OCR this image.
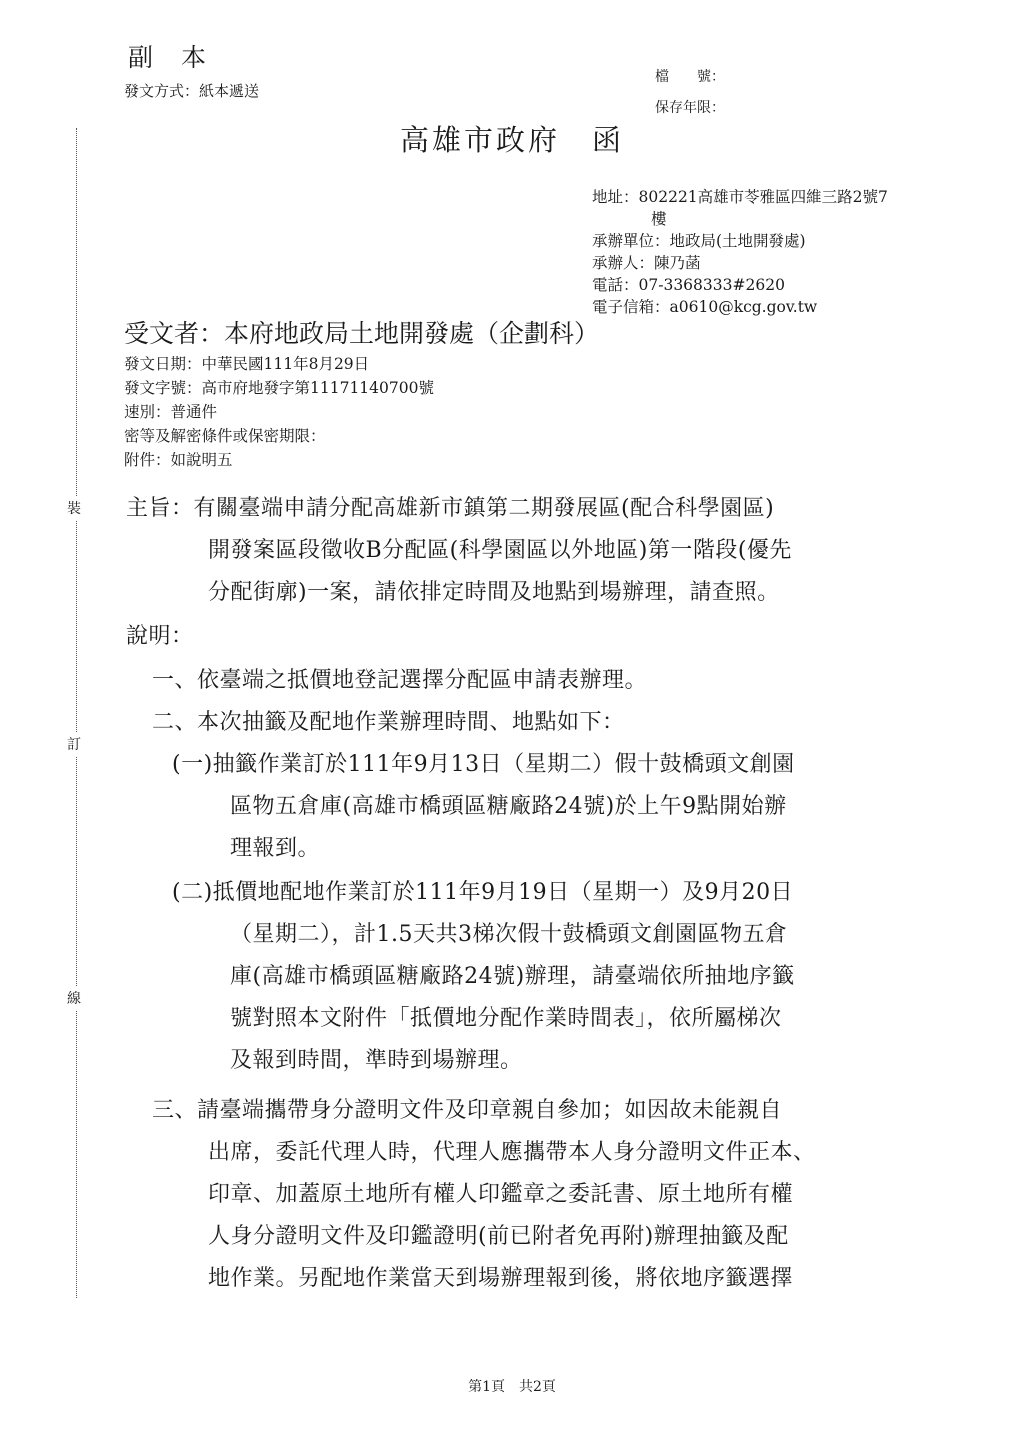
副 本
發文方式：紙本遞送
檔　　號：
保存年限：
高雄市政府　函
地址：802221高雄市苓雅區四維三路2號7
樓
承辦單位：地政局(土地開發處)
承辦人：陳乃菡
電話：07-3368333#2620
電子信箱：a0610@kcg.gov.tw
受文者：本府地政局土地開發處（企劃科）
發文日期：中華民國111年8月29日
發文字號：高市府地發字第11171140700號
速別：普通件
密等及解密條件或保密期限：
附件：如說明五
裝
訂
線
主旨：有關臺端申請分配高雄新市鎮第二期發展區(配合科學園區)
開發案區段徵收B分配區(科學園區以外地區)第一階段(優先
分配街廓)一案，請依排定時間及地點到場辦理，請查照。
說明：
一、依臺端之抵價地登記選擇分配區申請表辦理。
二、本次抽籤及配地作業辦理時間、地點如下：
(一)抽籤作業訂於111年9月13日（星期二）假十鼓橋頭文創園
區物五倉庫(高雄市橋頭區糖廠路24號)於上午9點開始辦
理報到。
(二)抵價地配地作業訂於111年9月19日（星期一）及9月20日
（星期二），計1.5天共3梯次假十鼓橋頭文創園區物五倉
庫(高雄市橋頭區糖廠路24號)辦理，請臺端依所抽地序籤
號對照本文附件「抵價地分配作業時間表」，依所屬梯次
及報到時間，準時到場辦理。
三、請臺端攜帶身分證明文件及印章親自參加；如因故未能親自
出席，委託代理人時，代理人應攜帶本人身分證明文件正本、
印章、加蓋原土地所有權人印鑑章之委託書、原土地所有權
人身分證明文件及印鑑證明(前已附者免再附)辦理抽籤及配
地作業。另配地作業當天到場辦理報到後，將依地序籤選擇
第1頁　共2頁
